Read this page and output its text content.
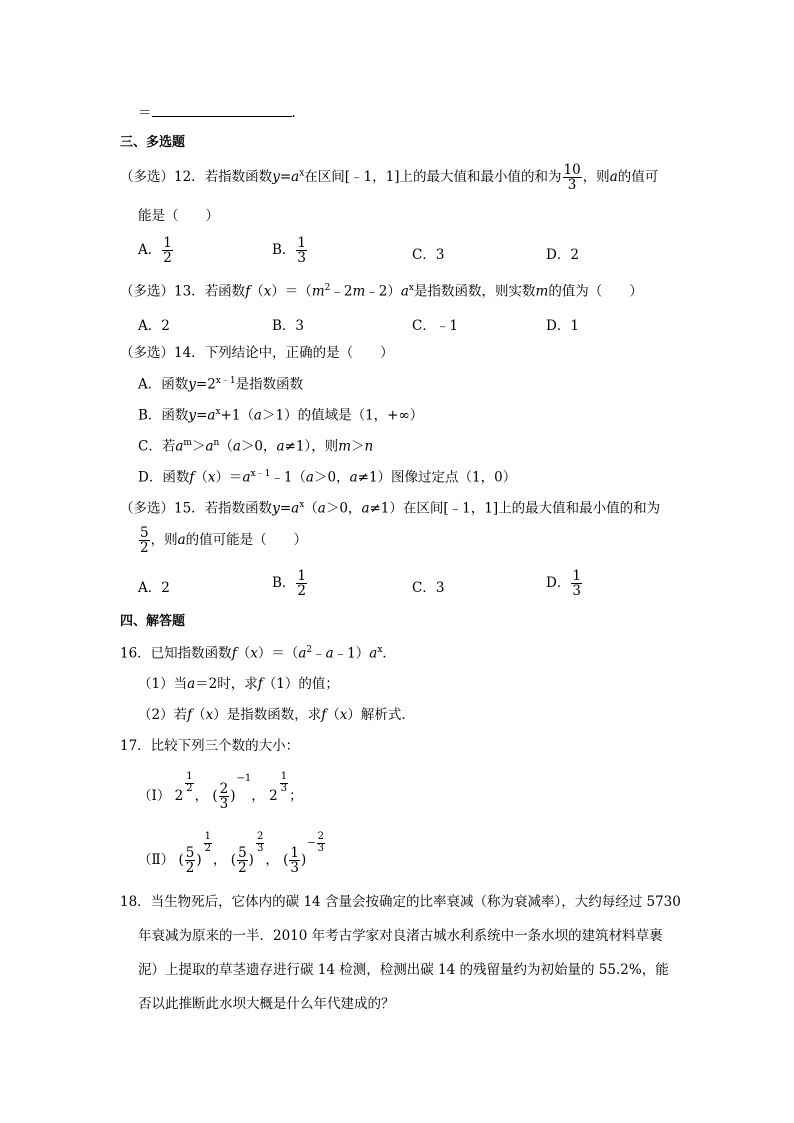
＝	.
三、多选题
（多选）12．若指数函数$y=a^x$在区间[﹣1，1]上的最大值和最小值的和为 $\frac{10}{3}$ ，则a的值可
能是（　　）
A． $\frac{1}{2}$	B． $\frac{1}{3}$	C．3	D．2
（多选）13．若函数$f(x)=(m^2﹣2m﹣2)a^x$是指数函数，则实数m的值为（　　）
A．2	B．3	C．﹣1	D．1
（多选）14．下列结论中，正确的是（　　）
A．函数$y=2^{x﹣1}$是指数函数
B．函数$y=a^x+1(a>1)$的值域是（1，+∞）
C．若$a^m>a^n(a>0$，a≠1），则m＞n
D．函数$f(x)=a^{x﹣1}﹣1(a>0$，a≠1）图像过定点（1，0）
（多选）15．若指数函数$y=a^x(a>0$，a≠1）在区间[﹣1，1]上的最大值和最小值的和为
$\frac{5}{2}$ ，则a的值可能是（　　）
A．2	B． $\frac{1}{2}$	C．3	D． $\frac{1}{3}$
四、解答题
16．已知指数函数$f(x)=(a^2﹣a﹣1)a^x$．
（1）当a＝2时，求f（1）的值；
（2）若f（x）是指数函数，求f（x）解析式．
17．比较下列三个数的大小：
（Ⅰ） 2
$\frac{1}{2}$
， ( $\frac{2}{3} )-1$， 2
$\frac{1}{3}$
；
（Ⅱ） ( $\frac{5}{2}$ )
$\frac{1}{2}$
， ( $\frac{5}{2}$ )
$\frac{2}{3}$
， ( $\frac{1}{3}$ )− $\frac{2}{3}$
18．当生物死后，它体内的碳 14 含量会按确定的比率衰减（称为衰减率），大约每经过 5730
年衰减为原来的一半．2010 年考古学家对良渚古城水利系统中一条水坝的建筑材料草裹
泥）上提取的草茎遗存进行碳 14 检测，检测出碳 14 的残留量约为初始量的 55.2%，能
否以此推断此水坝大概是什么年代建成的？
